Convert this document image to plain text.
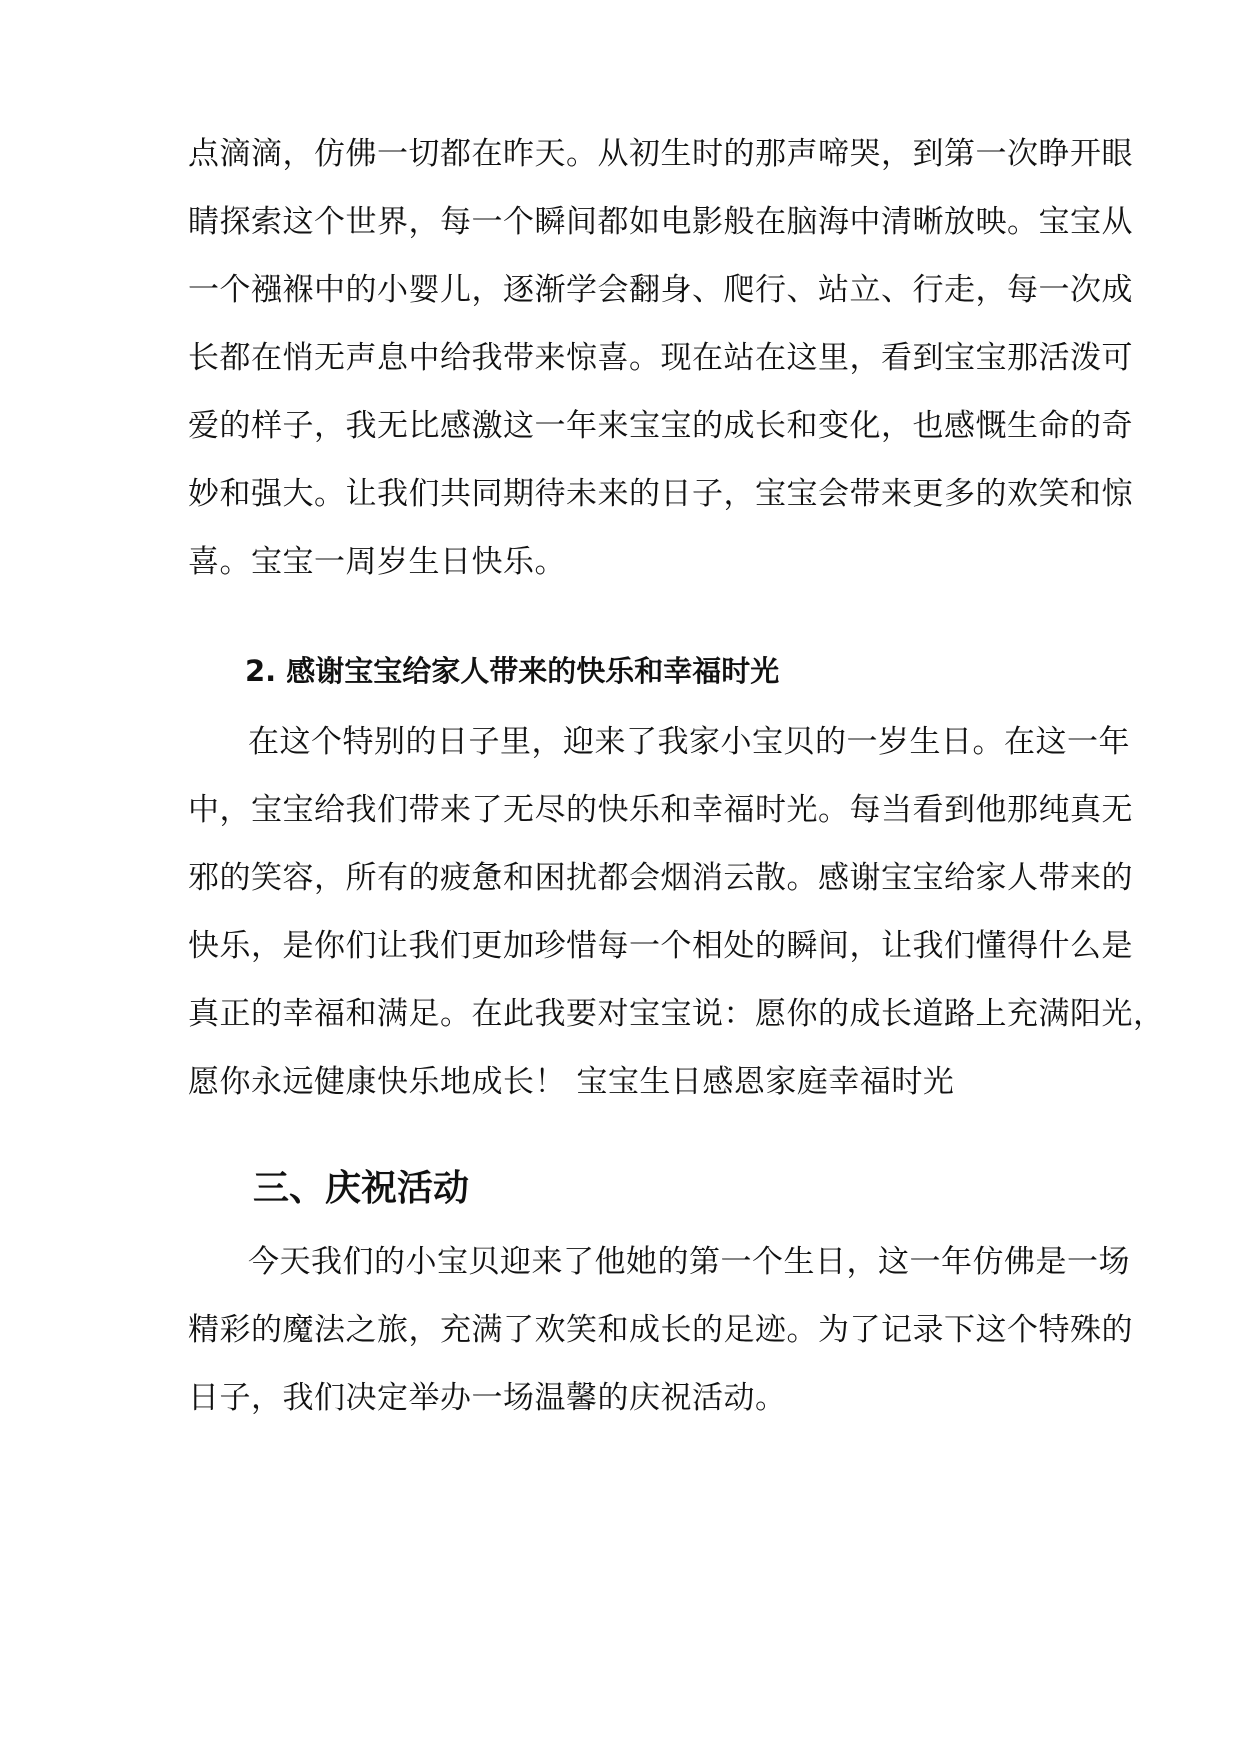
点滴滴，仿佛一切都在昨天。从初生时的那声啼哭，到第一次睁开眼
睛探索这个世界，每一个瞬间都如电影般在脑海中清晰放映。宝宝从
一个襁褓中的小婴儿，逐渐学会翻身、爬行、站立、行走，每一次成
长都在悄无声息中给我带来惊喜。现在站在这里，看到宝宝那活泼可
爱的样子，我无比感激这一年来宝宝的成长和变化，也感慨生命的奇
妙和强大。让我们共同期待未来的日子，宝宝会带来更多的欢笑和惊
喜。宝宝一周岁生日快乐。
2. 感谢宝宝给家人带来的快乐和幸福时光
在这个特别的日子里，迎来了我家小宝贝的一岁生日。在这一年
中，宝宝给我们带来了无尽的快乐和幸福时光。每当看到他那纯真无
邪的笑容，所有的疲惫和困扰都会烟消云散。感谢宝宝给家人带来的
快乐，是你们让我们更加珍惜每一个相处的瞬间，让我们懂得什么是
真正的幸福和满足。在此我要对宝宝说：愿你的成长道路上充满阳光，
愿你永远健康快乐地成长！ 宝宝生日感恩家庭幸福时光
三、庆祝活动
今天我们的小宝贝迎来了他她的第一个生日，这一年仿佛是一场
精彩的魔法之旅，充满了欢笑和成长的足迹。为了记录下这个特殊的
日子，我们决定举办一场温馨的庆祝活动。
